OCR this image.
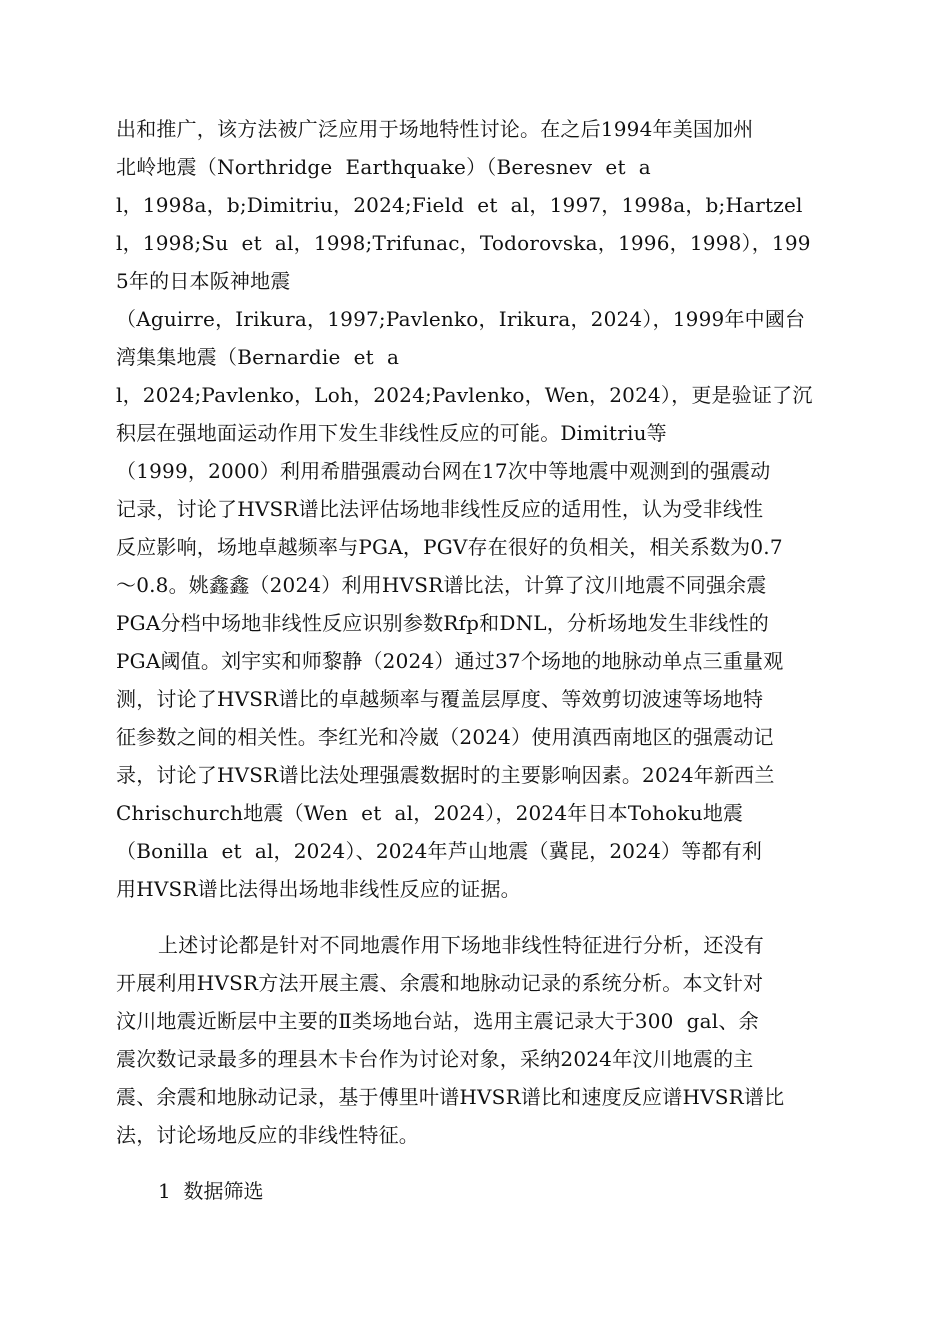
出和推广，该方法被广泛应用于场地特性讨论。在之后1994年美国加州

北岭地震（Northridge  Earthquake）（Beresnev  et  a

l，1998a，b;Dimitriu，2024;Field  et  al，1997，1998a，b;Hartzel

l，1998;Su  et  al，1998;Trifunac，Todorovska，1996，1998），199

5年的日本阪神地震

（Aguirre，Irikura，1997;Pavlenko，Irikura，2024），1999年中國台

湾集集地震（Bernardie  et  a

l，2024;Pavlenko，Loh，2024;Pavlenko，Wen，2024），更是验证了沉

积层在强地面运动作用下发生非线性反应的可能。Dimitriu等

（1999，2000）利用希腊强震动台网在17次中等地震中观测到的强震动

记录，讨论了HVSR谱比法评估场地非线性反应的适用性，认为受非线性

反应影响，场地卓越频率与PGA，PGV存在很好的负相关，相关系数为0.7

～0.8。姚鑫鑫（2024）利用HVSR谱比法，计算了汶川地震不同强余震

PGA分档中场地非线性反应识别参数Rfp和DNL，分析场地发生非线性的

PGA阈值。刘宇实和师黎静（2024）通过37个场地的地脉动单点三重量观

测，讨论了HVSR谱比的卓越频率与覆盖层厚度、等效剪切波速等场地特

征参数之间的相关性。李红光和冷崴（2024）使用滇西南地区的强震动记

录，讨论了HVSR谱比法处理强震数据时的主要影响因素。2024年新西兰

Chrischurch地震（Wen  et  al，2024），2024年日本Tohoku地震

（Bonilla  et  al，2024）、2024年芦山地震（冀昆，2024）等都有利

用HVSR谱比法得出场地非线性反应的证据。

上述讨论都是针对不同地震作用下场地非线性特征进行分析，还没有

开展利用HVSR方法开展主震、余震和地脉动记录的系统分析。本文针对

汶川地震近断层中主要的Ⅱ类场地台站，选用主震记录大于300  gal、余

震次数记录最多的理县木卡台作为讨论对象，采纳2024年汶川地震的主

震、余震和地脉动记录，基于傅里叶谱HVSR谱比和速度反应谱HVSR谱比

法，讨论场地反应的非线性特征。

1  数据筛选
